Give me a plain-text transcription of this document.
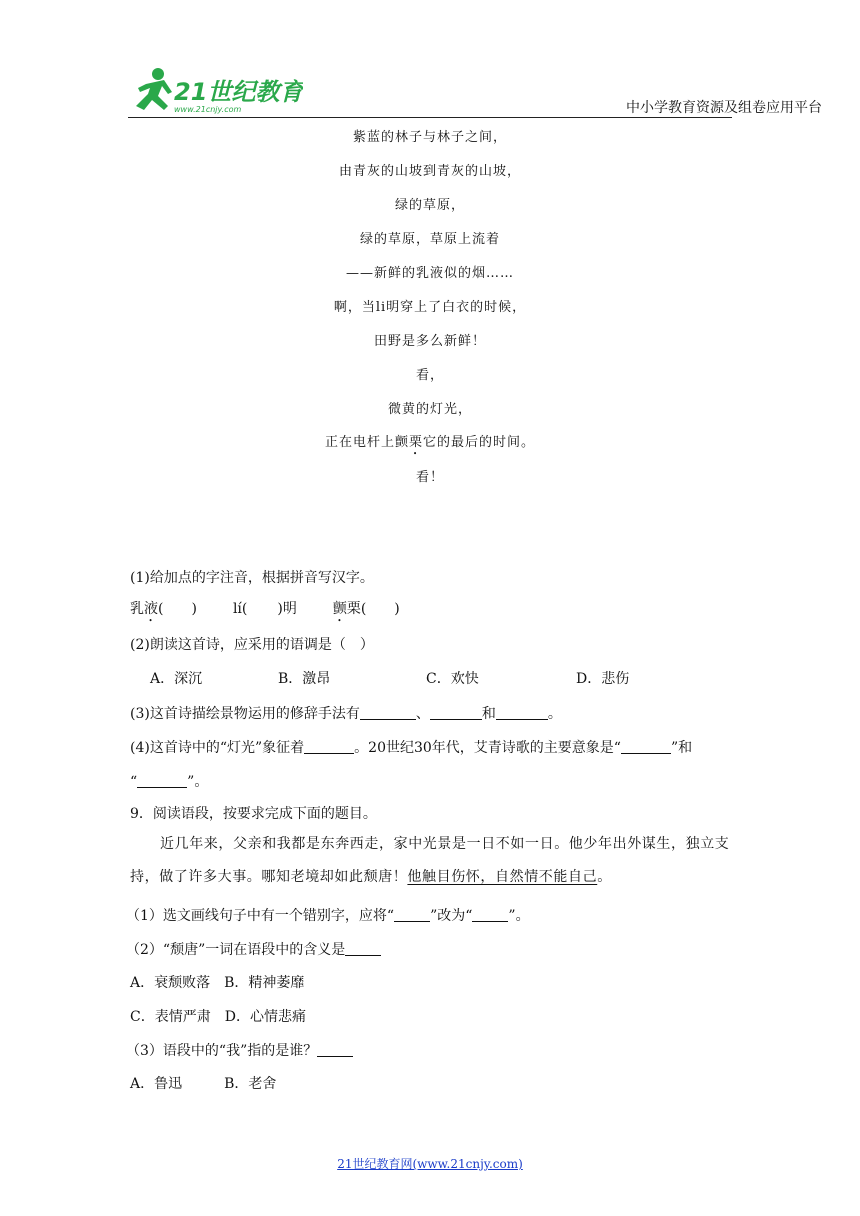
21世纪教育
www.21cnjy.com	中小学教育资源及组卷应用平台
紫蓝的林子与林子之间，
由青灰的山坡到青灰的山坡，
绿的草原，
绿的草原，草原上流着
——新鲜的乳液似的烟……
啊，当li明穿上了白衣的时候，
田野是多么新鲜！
看，
微黄的灯光，
正在电杆上颤栗它的最后的时间。
看！
(1)给加点的字注音，根据拼音写汉字。
乳液( )	lí( )明	颤栗( )
(2)朗读这首诗，应采用的语调是（　）
A．深沉	B．激昂	C．欢快	D．悲伤
(3)这首诗描绘景物运用的修辞手法有	、	和	。
(4)这首诗中的“灯光”象征着	。20世纪30年代，艾青诗歌的主要意象是“	”和
“	”。
9．阅读语段，按要求完成下面的题目。
近几年来，父亲和我都是东奔西走，家中光景是一日不如一日。他少年出外谋生，独立支持，做了许多大事。哪知老境却如此颓唐！他触目伤怀，自然情不能自己。
（1）选文画线句子中有一个错别字，应将“	”改为“	”。
（2）“颓唐”一词在语段中的含义是
A．衰颓败落 B．精神萎靡
C．表情严肃 D．心情悲痛
（3）语段中的“我”指的是谁？
A．鲁迅	B．老舍
21世纪教育网(www.21cnjy.com)
